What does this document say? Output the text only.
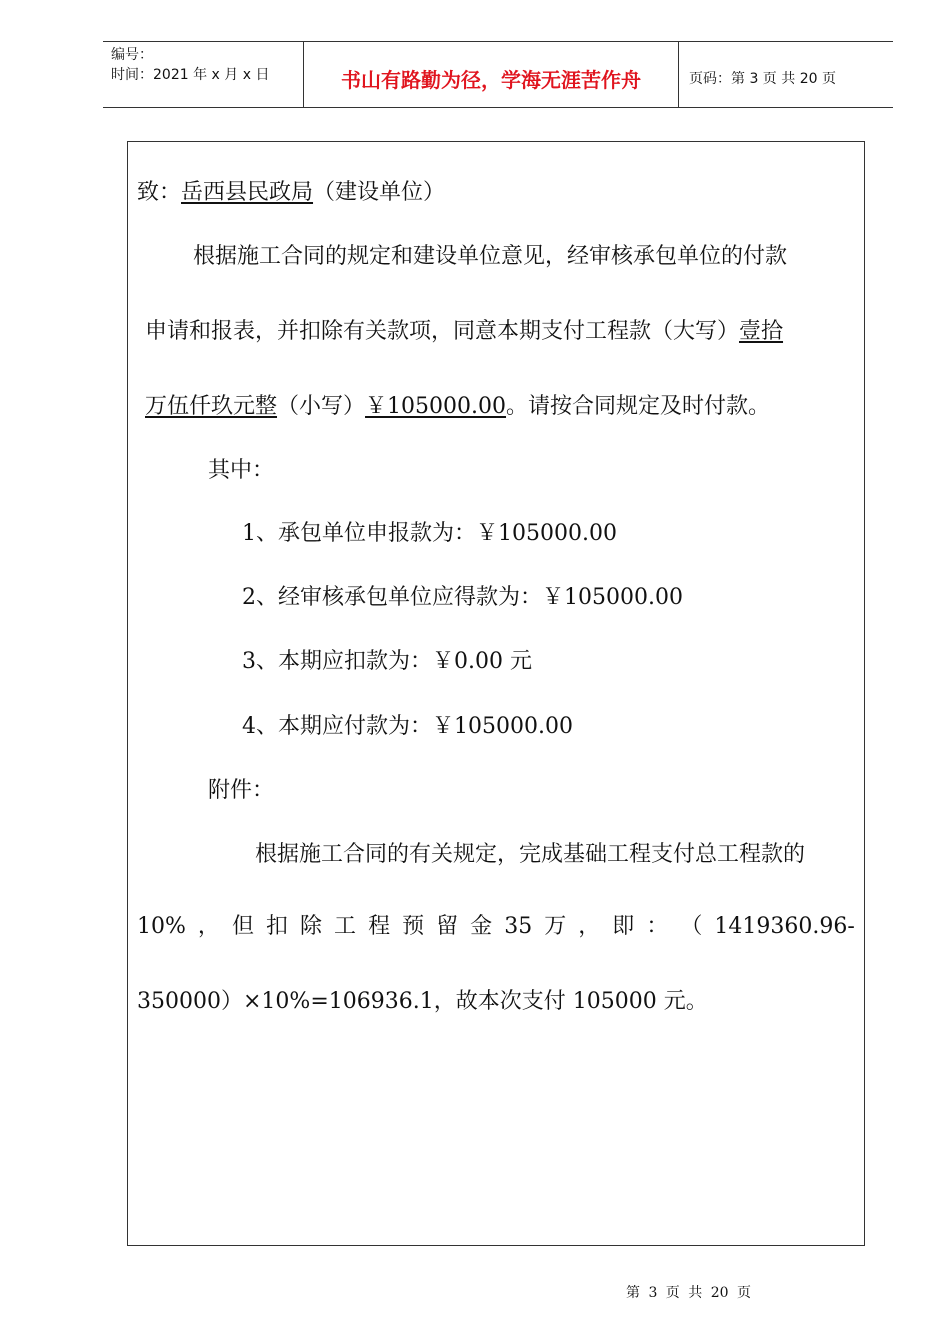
编号：
时间：2021 年 x 月 x 日	书山有路勤为径，学海无涯苦作舟	页码：第 3 页 共 20 页
致：岳西县民政局（建设单位）
根据施工合同的规定和建设单位意见，经审核承包单位的付款
申请和报表，并扣除有关款项，同意本期支付工程款（大写）壹拾
万伍仟玖元整（小写）￥105000.00。请按合同规定及时付款。
其中：
1、承包单位申报款为：￥105000.00
2、经审核承包单位应得款为：￥105000.00
3、本期应扣款为：￥0.00 元
4、本期应付款为：￥105000.00
附件：
根据施工合同的有关规定，完成基础工程支付总工程款的
10% ， 但 扣 除 工 程 预 留 金 35 万 ， 即 ： （ 1419360.96-
350000）×10%=106936.1，故本次支付 105000 元。
第 3 页 共 20 页
